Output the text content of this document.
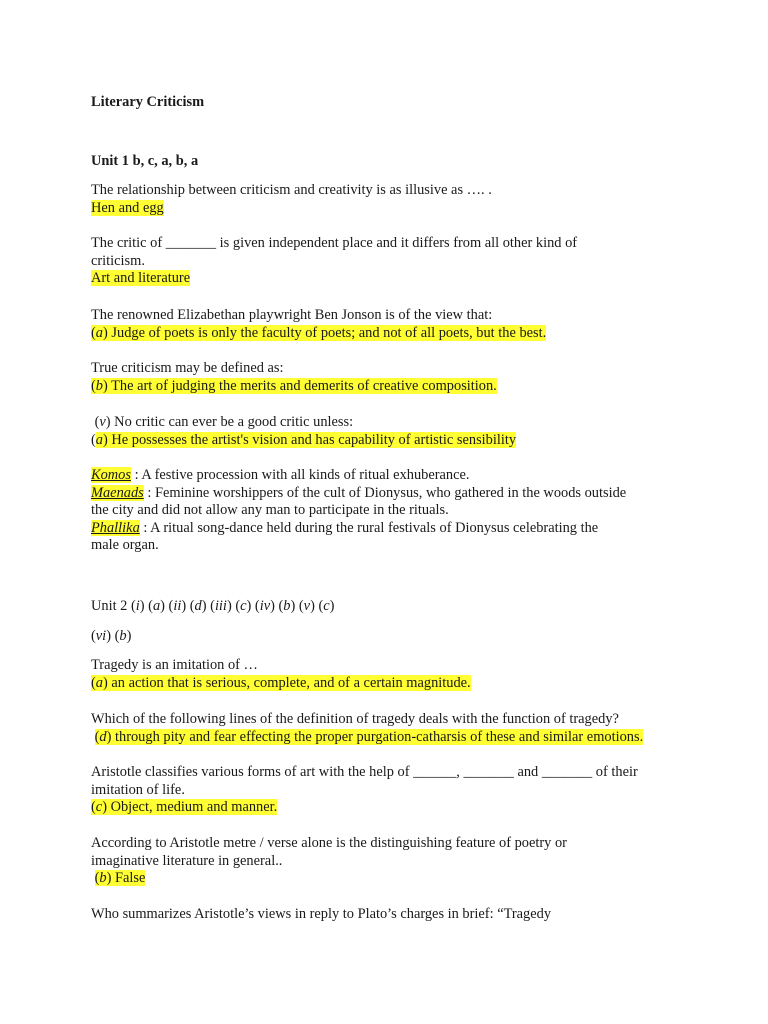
Literary Criticism
Unit 1 b, c, a, b, a
The relationship between criticism and creativity is as illusive as …. .
Hen and egg
The critic of _______ is given independent place and it differs from all other kind of
criticism.
Art and literature
The renowned Elizabethan playwright Ben Jonson is of the view that:
(a) Judge of poets is only the faculty of poets; and not of all poets, but the best.
True criticism may be defined as:
(b) The art of judging the merits and demerits of creative composition.
(v) No critic can ever be a good critic unless:
(a) He possesses the artist's vision and has capability of artistic sensibility
Komos : A festive procession with all kinds of ritual exhuberance.
Maenads : Feminine worshippers of the cult of Dionysus, who gathered in the woods outside
the city and did not allow any man to participate in the rituals.
Phallika : A ritual song-dance held during the rural festivals of Dionysus celebrating the
male organ.
Unit 2 (i) (a) (ii) (d) (iii) (c) (iv) (b) (v) (c)
(vi) (b)
Tragedy is an imitation of …
(a) an action that is serious, complete, and of a certain magnitude.
Which of the following lines of the definition of tragedy deals with the function of tragedy?
(d) through pity and fear effecting the proper purgation-catharsis of these and similar emotions.
Aristotle classifies various forms of art with the help of ______, _______ and _______ of their
imitation of life.
(c) Object, medium and manner.
According to Aristotle metre / verse alone is the distinguishing feature of poetry or
imaginative literature in general..
(b) False
Who summarizes Aristotle’s views in reply to Plato’s charges in brief: “Tragedy
